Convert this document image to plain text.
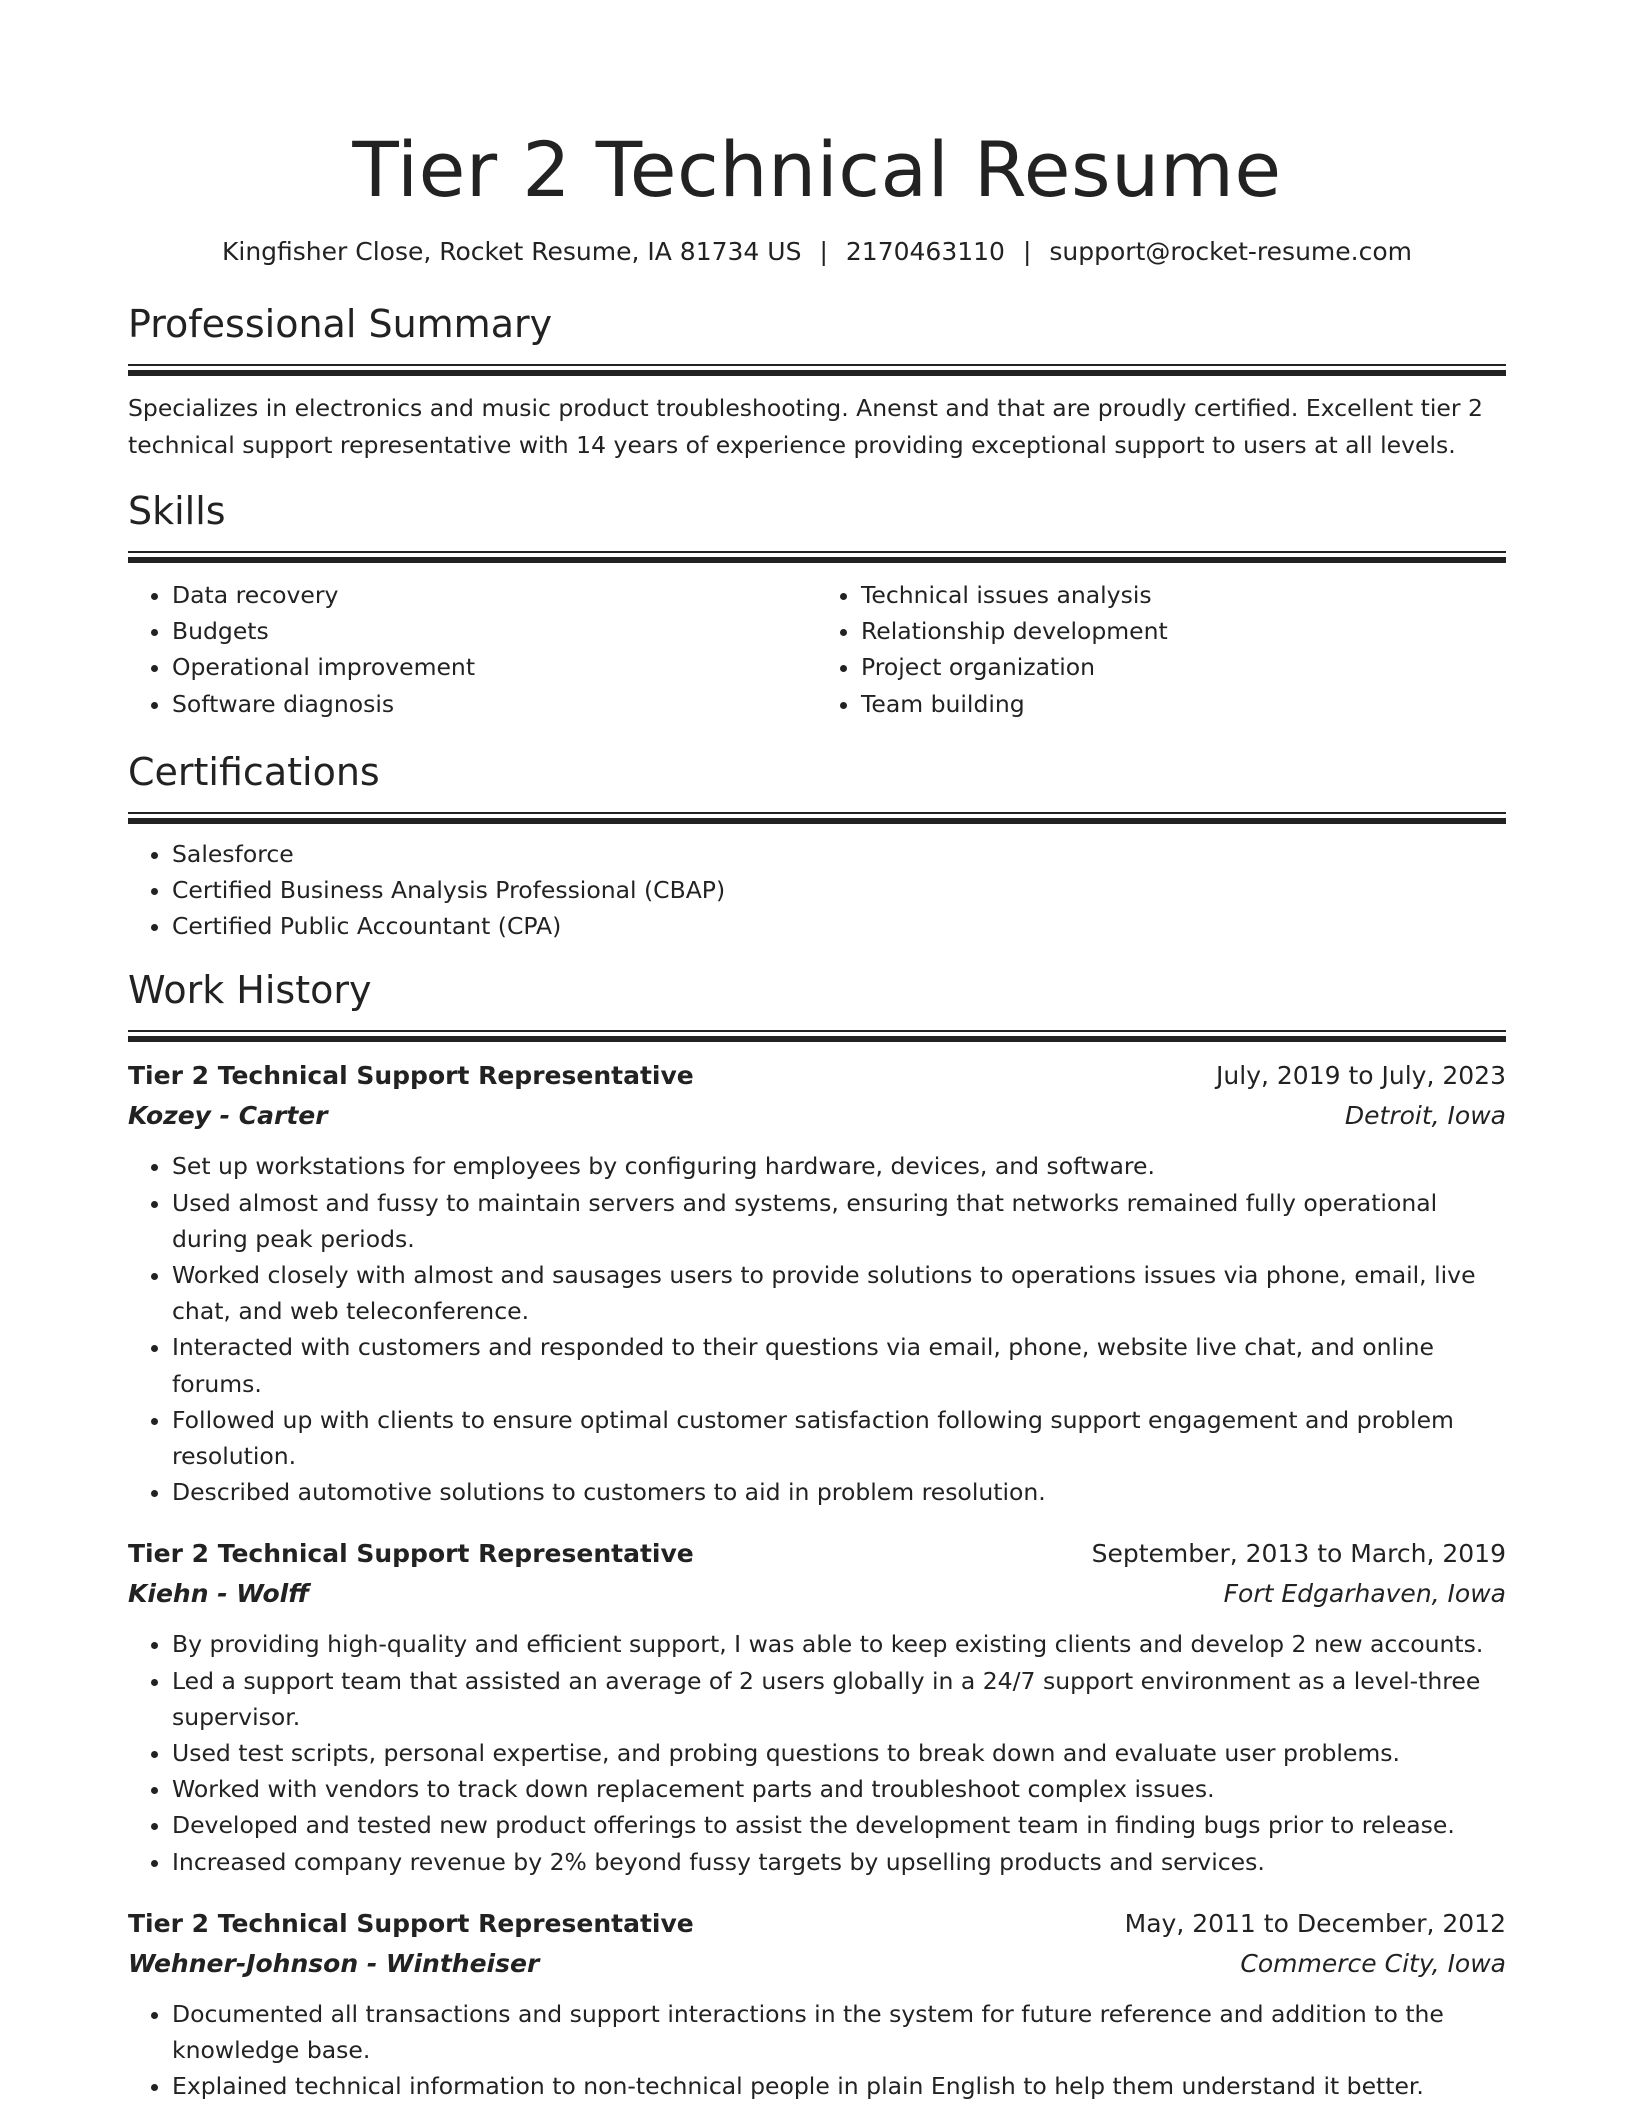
Tier 2 Technical Resume
Kingfisher Close, Rocket Resume, IA 81734 US | 2170463110 | support@rocket-resume.com
Professional Summary
Specializes in electronics and music product troubleshooting. Anenst and that are proudly certified. Excellent tier 2 technical support representative with 14 years of experience providing exceptional support to users at all levels.
Skills
• Data recovery
• Budgets
• Operational improvement
• Software diagnosis
• Technical issues analysis
• Relationship development
• Project organization
• Team building
Certifications
• Salesforce
• Certified Business Analysis Professional (CBAP)
• Certified Public Accountant (CPA)
Work History
Tier 2 Technical Support Representative	July, 2019 to July, 2023
Kozey - Carter	Detroit, Iowa
• Set up workstations for employees by configuring hardware, devices, and software.
• Used almost and fussy to maintain servers and systems, ensuring that networks remained fully operational during peak periods.
• Worked closely with almost and sausages users to provide solutions to operations issues via phone, email, live chat, and web teleconference.
• Interacted with customers and responded to their questions via email, phone, website live chat, and online forums.
• Followed up with clients to ensure optimal customer satisfaction following support engagement and problem resolution.
• Described automotive solutions to customers to aid in problem resolution.
Tier 2 Technical Support Representative	September, 2013 to March, 2019
Kiehn - Wolff	Fort Edgarhaven, Iowa
• By providing high-quality and efficient support, I was able to keep existing clients and develop 2 new accounts.
• Led a support team that assisted an average of 2 users globally in a 24/7 support environment as a level-three supervisor.
• Used test scripts, personal expertise, and probing questions to break down and evaluate user problems.
• Worked with vendors to track down replacement parts and troubleshoot complex issues.
• Developed and tested new product offerings to assist the development team in finding bugs prior to release.
• Increased company revenue by 2% beyond fussy targets by upselling products and services.
Tier 2 Technical Support Representative	May, 2011 to December, 2012
Wehner-Johnson - Wintheiser	Commerce City, Iowa
• Documented all transactions and support interactions in the system for future reference and addition to the knowledge base.
• Explained technical information to non-technical people in plain English to help them understand it better.
